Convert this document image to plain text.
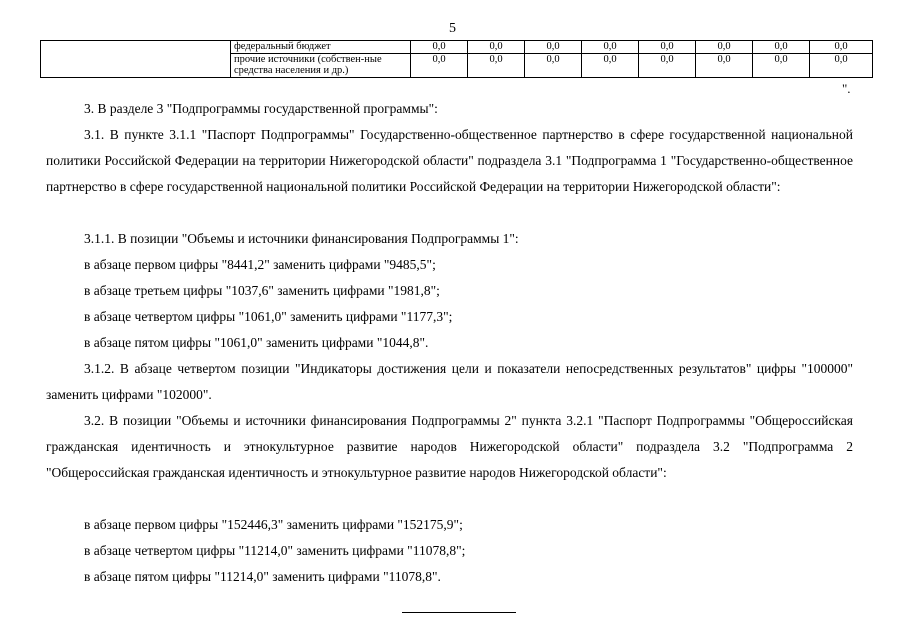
5
	федеральный бюджет	0,0	0,0	0,0	0,0	0,0	0,0	0,0	0,0
	прочие источники (собствен-ные средства населения и др.)	0,0	0,0	0,0	0,0	0,0	0,0	0,0	0,0
".

3. В разделе 3 "Подпрограммы государственной программы":

3.1. В пункте 3.1.1 "Паспорт Подпрограммы" Государственно-общественное партнерство в сфере государственной национальной политики Российской Федерации на территории Нижегородской области" подраздела 3.1 "Подпрограмма 1 "Государственно-общественное партнерство в сфере государственной национальной политики Российской Федерации на территории Нижегородской области":

3.1.1. В позиции "Объемы и источники финансирования Подпрограммы 1":

в абзаце первом цифры "8441,2" заменить цифрами "9485,5";

в абзаце третьем цифры "1037,6" заменить цифрами "1981,8";

в абзаце четвертом цифры "1061,0" заменить цифрами "1177,3";

в абзаце пятом цифры "1061,0" заменить цифрами "1044,8".

3.1.2. В абзаце четвертом позиции "Индикаторы достижения цели и показатели непосредственных результатов" цифры "100000" заменить цифрами "102000".

3.2. В позиции "Объемы и источники финансирования Подпрограммы 2" пункта 3.2.1 "Паспорт Подпрограммы "Общероссийская гражданская идентичность и этнокультурное развитие народов Нижегородской области" подраздела 3.2 "Подпрограмма 2 "Общероссийская гражданская идентичность и этнокультурное развитие народов Нижегородской области":

в абзаце первом цифры "152446,3" заменить цифрами "152175,9";

в абзаце четвертом цифры "11214,0" заменить цифрами "11078,8";

в абзаце пятом цифры "11214,0" заменить цифрами "11078,8".
